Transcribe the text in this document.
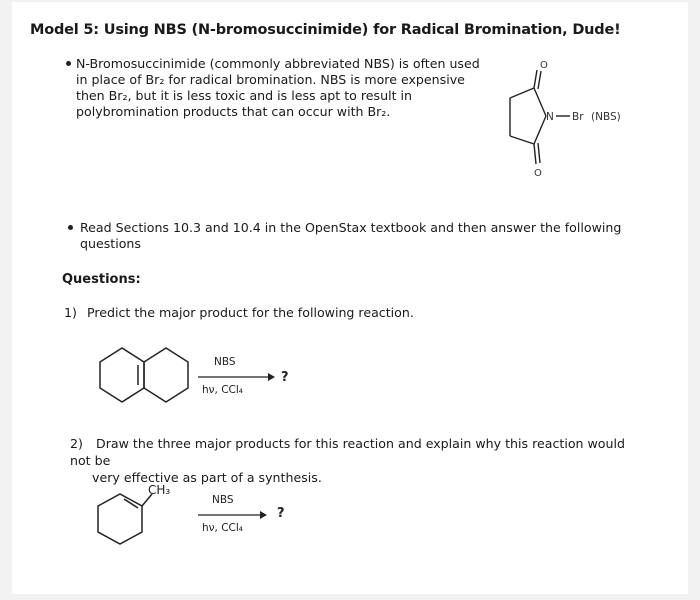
Model 5: Using NBS (N-bromosuccinimide) for Radical Bromination, Dude!
N-Bromosuccinimide (commonly abbreviated NBS) is often used
in place of Br₂ for radical bromination. NBS is more expensive
then Br₂, but it is less toxic and is less apt to result in
polybromination products that can occur with Br₂.
O
O
N Br (NBS)
Read Sections 10.3 and 10.4 in the OpenStax textbook and then answer the following questions
Questions:
1) Predict the major product for the following reaction.
NBS
hν, CCl₄
?
2) Draw the three major products for this reaction and explain why this reaction would not be
very effective as part of a synthesis.
CH₃
NBS
hν, CCl₄
?
